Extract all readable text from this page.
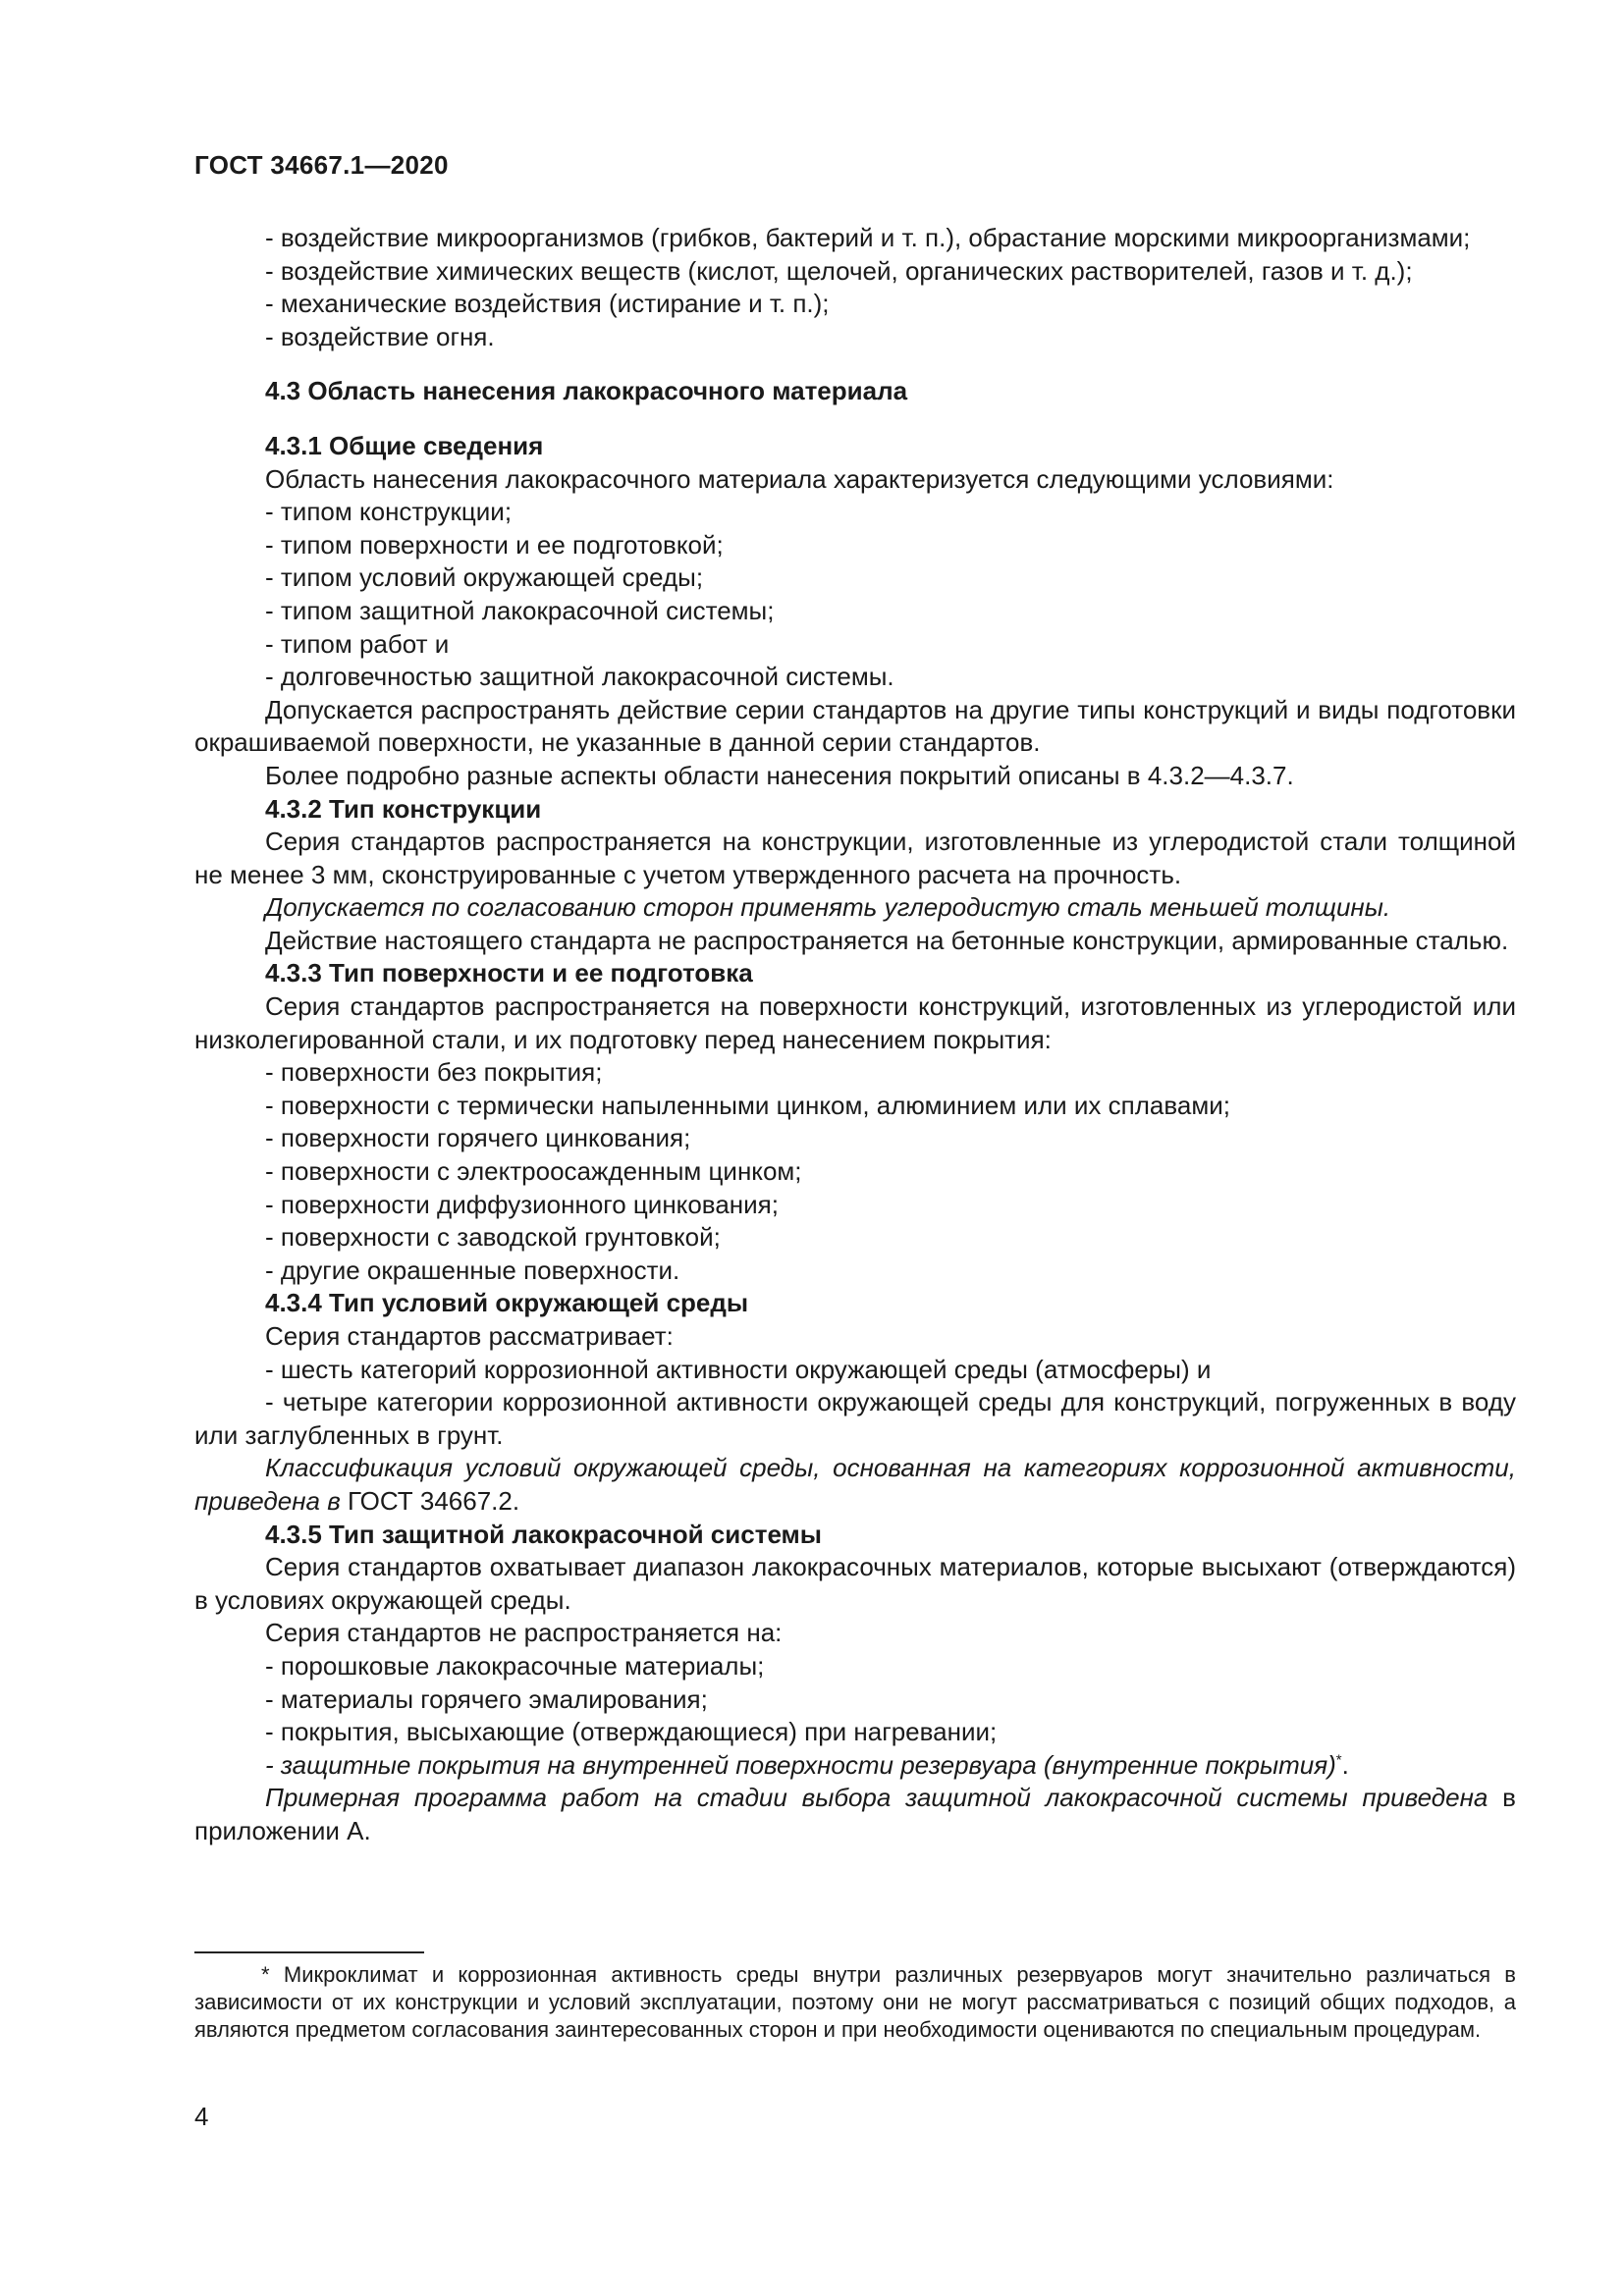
ГОСТ 34667.1—2020

- воздействие микроорганизмов (грибков, бактерий и т. п.), обрастание морскими микроорганизмами;

- воздействие химических веществ (кислот, щелочей, органических растворителей, газов и т. д.);

- механические воздействия (истирание и т. п.);

- воздействие огня.

4.3 Область нанесения лакокрасочного материала

4.3.1 Общие сведения

Область нанесения лакокрасочного материала характеризуется следующими условиями:

- типом конструкции;

- типом поверхности и ее подготовкой;

- типом условий окружающей среды;

- типом защитной лакокрасочной системы;

- типом работ и

- долговечностью защитной лакокрасочной системы.

Допускается распространять действие серии стандартов на другие типы конструкций и виды подготовки окрашиваемой поверхности, не указанные в данной серии стандартов.

Более подробно разные аспекты области нанесения покрытий описаны в 4.3.2—4.3.7.

4.3.2 Тип конструкции

Серия стандартов распространяется на конструкции, изготовленные из углеродистой стали толщиной не менее 3 мм, сконструированные с учетом утвержденного расчета на прочность.

Допускается по согласованию сторон применять углеродистую сталь меньшей толщины.

Действие настоящего стандарта не распространяется на бетонные конструкции, армированные сталью.

4.3.3 Тип поверхности и ее подготовка

Серия стандартов распространяется на поверхности конструкций, изготовленных из углеродистой или низколегированной стали, и их подготовку перед нанесением покрытия:

- поверхности без покрытия;

- поверхности с термически напыленными цинком, алюминием или их сплавами;

- поверхности горячего цинкования;

- поверхности с электроосажденным цинком;

- поверхности диффузионного цинкования;

- поверхности с заводской грунтовкой;

- другие окрашенные поверхности.

4.3.4 Тип условий окружающей среды

Серия стандартов рассматривает:

- шесть категорий коррозионной активности окружающей среды (атмосферы) и

- четыре категории коррозионной активности окружающей среды для конструкций, погруженных в воду или заглубленных в грунт.

Классификация условий окружающей среды, основанная на категориях коррозионной активности, приведена в ГОСТ 34667.2.

4.3.5 Тип защитной лакокрасочной системы

Серия стандартов охватывает диапазон лакокрасочных материалов, которые высыхают (отверждаются) в условиях окружающей среды.

Серия стандартов не распространяется на:

- порошковые лакокрасочные материалы;

- материалы горячего эмалирования;

- покрытия, высыхающие (отверждающиеся) при нагревании;

- защитные покрытия на внутренней поверхности резервуара (внутренние покрытия)*.

Примерная программа работ на стадии выбора защитной лакокрасочной системы приведена в приложении А.

* Микроклимат и коррозионная активность среды внутри различных резервуаров могут значительно различаться в зависимости от их конструкции и условий эксплуатации, поэтому они не могут рассматриваться с позиций общих подходов, а являются предметом согласования заинтересованных сторон и при необходимости оцениваются по специальным процедурам.

4
